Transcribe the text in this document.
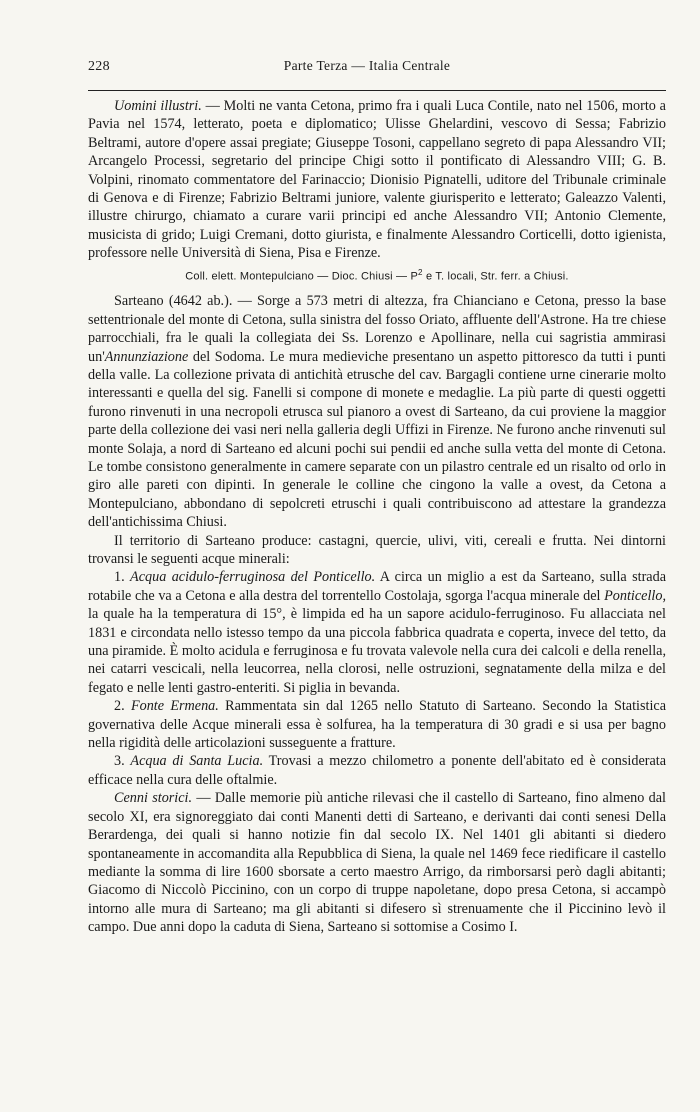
228	Parte Terza — Italia Centrale

Uomini illustri. — Molti ne vanta Cetona, primo fra i quali Luca Contile, nato nel 1506, morto a Pavia nel 1574, letterato, poeta e diplomatico; Ulisse Ghelardini, vescovo di Sessa; Fabrizio Beltrami, autore d'opere assai pregiate; Giuseppe Tosoni, cappellano segreto di papa Alessandro VII; Arcangelo Processi, segretario del principe Chigi sotto il pontificato di Alessandro VIII; G. B. Volpini, rinomato commentatore del Farinaccio; Dionisio Pignatelli, uditore del Tribunale criminale di Genova e di Firenze; Fabrizio Beltrami juniore, valente giurisperito e letterato; Galeazzo Valenti, illustre chirurgo, chiamato a curare varii principi ed anche Alessandro VII; Antonio Clemente, musicista di grido; Luigi Cremani, dotto giurista, e finalmente Alessandro Corticelli, dotto igienista, professore nelle Università di Siena, Pisa e Firenze.

Coll. elett. Montepulciano — Dioc. Chiusi — $P^2$ e T. locali, Str. ferr. a Chiusi.

Sarteano (4642 ab.). — Sorge a 573 metri di altezza, fra Chianciano e Cetona, presso la base settentrionale del monte di Cetona, sulla sinistra del fosso Oriato, affluente dell'Astrone. Ha tre chiese parrocchiali, fra le quali la collegiata dei Ss. Lorenzo e Apollinare, nella cui sagristia ammirasi un'Annunziazione del Sodoma. Le mura medieviche presentano un aspetto pittoresco da tutti i punti della valle. La collezione privata di antichità etrusche del cav. Bargagli contiene urne cinerarie molto interessanti e quella del sig. Fanelli si compone di monete e medaglie. La più parte di questi oggetti furono rinvenuti in una necropoli etrusca sul pianoro a ovest di Sarteano, da cui proviene la maggior parte della collezione dei vasi neri nella galleria degli Uffizi in Firenze. Ne furono anche rinvenuti sul monte Solaja, a nord di Sarteano ed alcuni pochi sui pendii ed anche sulla vetta del monte di Cetona. Le tombe consistono generalmente in camere separate con un pilastro centrale ed un risalto od orlo in giro alle pareti con dipinti. In generale le colline che cingono la valle a ovest, da Cetona a Montepulciano, abbondano di sepolcreti etruschi i quali contribuiscono ad attestare la grandezza dell'antichissima Chiusi.

Il territorio di Sarteano produce: castagni, quercie, ulivi, viti, cereali e frutta. Nei dintorni trovansi le seguenti acque minerali:

1. Acqua acidulo-ferruginosa del Ponticello. A circa un miglio a est da Sarteano, sulla strada rotabile che va a Cetona e alla destra del torrentello Costolaja, sgorga l'acqua minerale del Ponticello, la quale ha la temperatura di 15°, è limpida ed ha un sapore acidulo-ferruginoso. Fu allacciata nel 1831 e circondata nello istesso tempo da una piccola fabbrica quadrata e coperta, invece del tetto, da una piramide. È molto acidula e ferruginosa e fu trovata valevole nella cura dei calcoli e della renella, nei catarri vescicali, nella leucorrea, nella clorosi, nelle ostruzioni, segnatamente della milza e del fegato e nelle lenti gastro-enteriti. Si piglia in bevanda.

2. Fonte Ermena. Rammentata sin dal 1265 nello Statuto di Sarteano. Secondo la Statistica governativa delle Acque minerali essa è solfurea, ha la temperatura di 30 gradi e si usa per bagno nella rigidità delle articolazioni susseguente a fratture.

3. Acqua di Santa Lucia. Trovasi a mezzo chilometro a ponente dell'abitato ed è considerata efficace nella cura delle oftalmie.

Cenni storici. — Dalle memorie più antiche rilevasi che il castello di Sarteano, fino almeno dal secolo XI, era signoreggiato dai conti Manenti detti di Sarteano, e derivanti dai conti senesi Della Berardenga, dei quali si hanno notizie fin dal secolo IX. Nel 1401 gli abitanti si diedero spontaneamente in accomandita alla Repubblica di Siena, la quale nel 1469 fece riedificare il castello mediante la somma di lire 1600 sborsate a certo maestro Arrigo, da rimborsarsi però dagli abitanti; Giacomo di Niccolò Piccinino, con un corpo di truppe napoletane, dopo presa Cetona, si accampò intorno alle mura di Sarteano; ma gli abitanti si difesero sì strenuamente che il Piccinino levò il campo. Due anni dopo la caduta di Siena, Sarteano si sottomise a Cosimo I.
